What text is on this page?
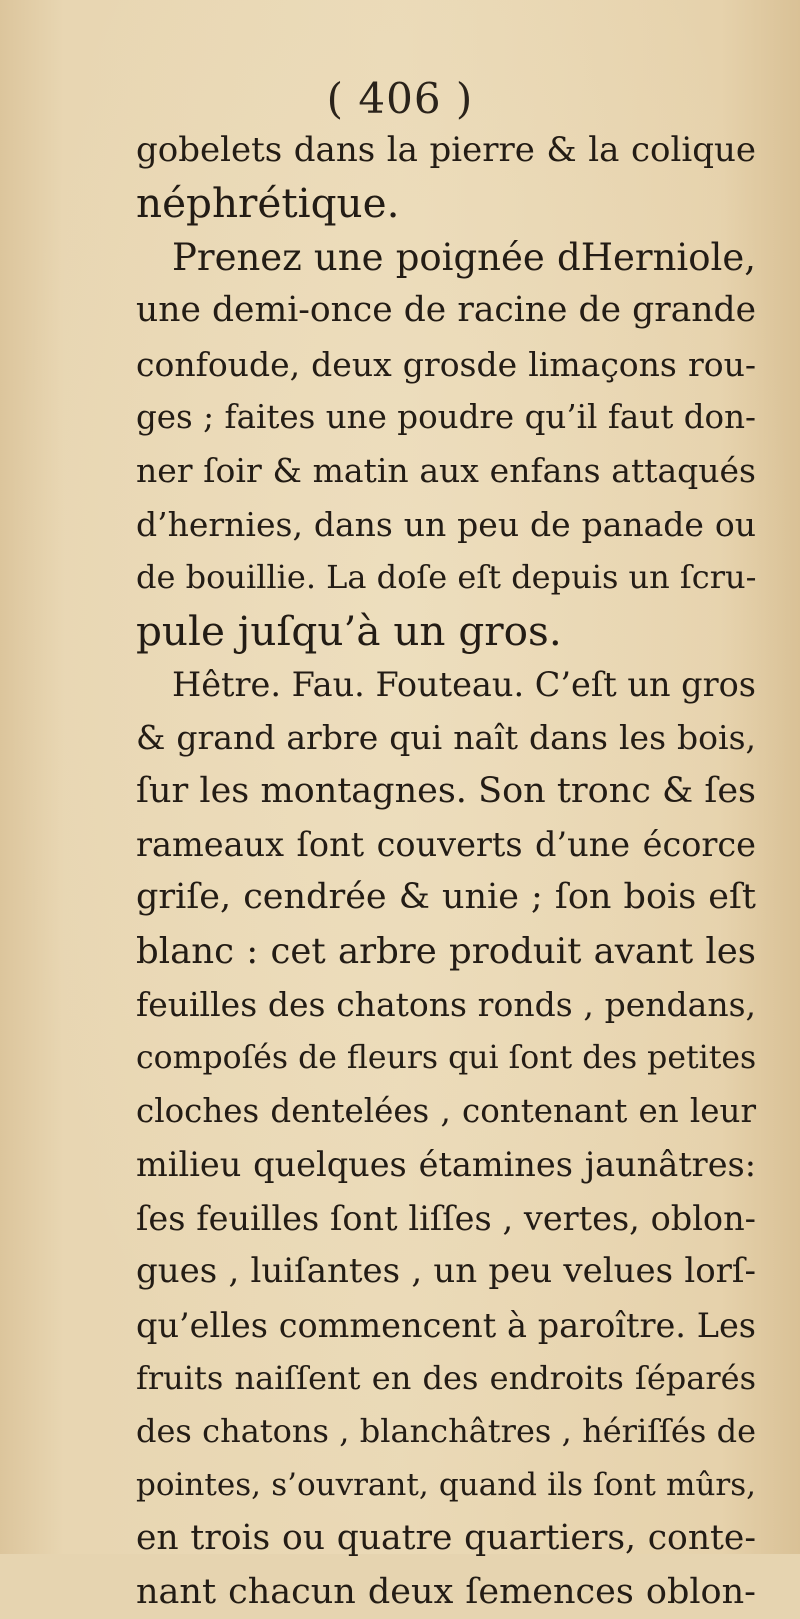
( 406 )
gobelets dans la pierre & la colique
néphrétique.
Prenez une poignée dHerniole,
une demi-once de racine de grande
confoude, deux grosde limaçons rou-
ges ; faites une poudre qu’il faut don-
ner ſoir & matin aux enfans attaqués
d’hernies, dans un peu de panade ou
de bouillie. La doſe eſt depuis un ſcru-
pule juſqu’à un gros.
Hêtre. Fau. Fouteau. C’eſt un gros
& grand arbre qui naît dans les bois,
ſur les montagnes. Son tronc & ſes
rameaux ſont couverts d’une écorce
griſe, cendrée & unie ; ſon bois eſt
blanc : cet arbre produit avant les
feuilles des chatons ronds , pendans,
compoſés de fleurs qui ſont des petites
cloches dentelées , contenant en leur
milieu quelques étamines jaunâtres:
ſes feuilles ſont liſſes , vertes, oblon-
gues , luiſantes , un peu velues lorſ-
qu’elles commencent à paroître. Les
fruits naiſſent en des endroits ſéparés
des chatons , blanchâtres , hériſſés de
pointes, s’ouvrant, quand ils ſont mûrs,
en trois ou quatre quartiers, conte-
nant chacun deux ſemences oblon-
